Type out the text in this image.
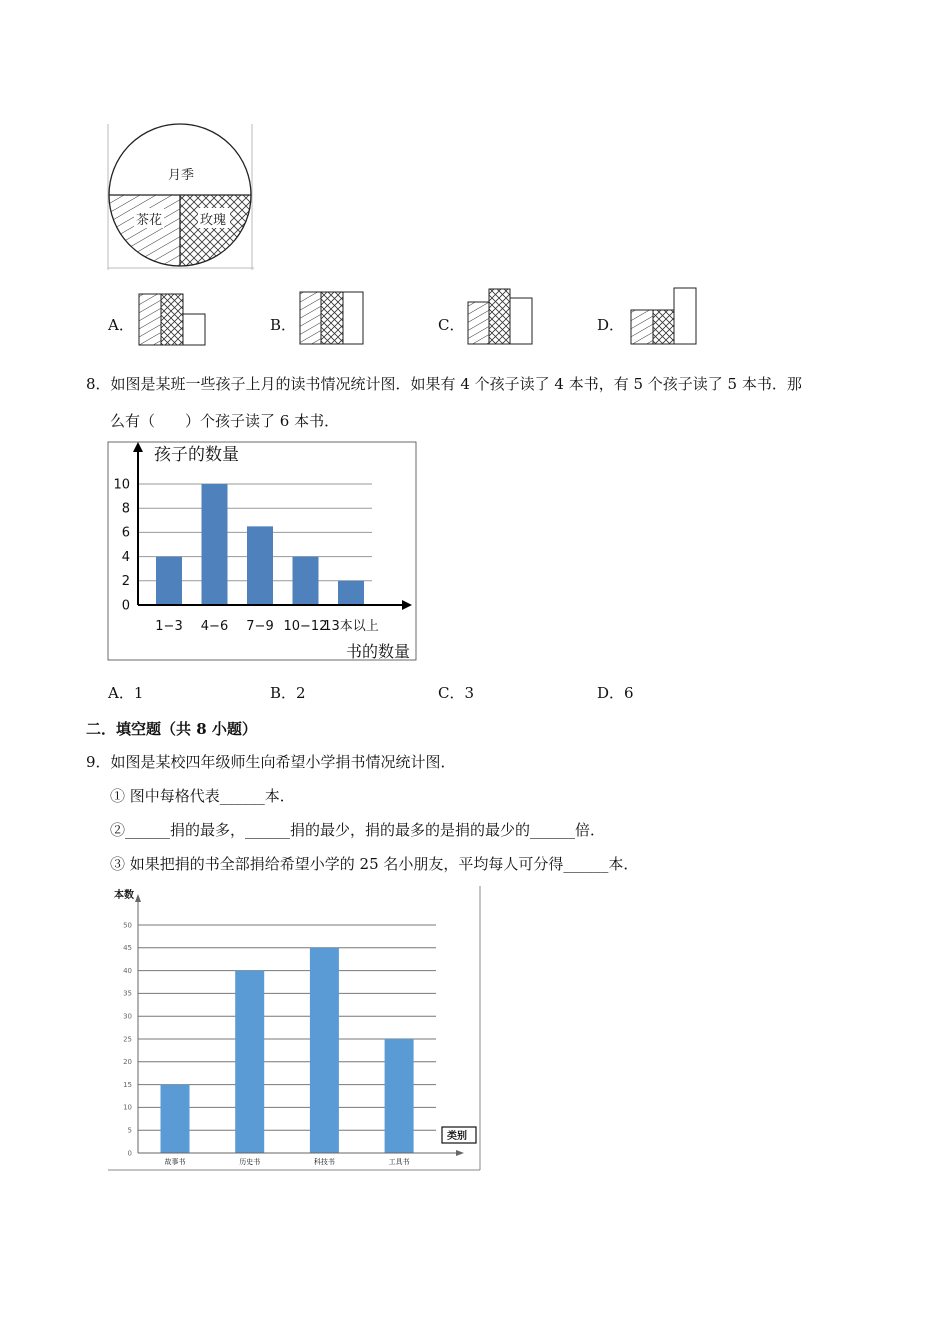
月季
茶花	玫瑰
A．	B．	C．	D．
8．如图是某班一些孩子上月的读书情况统计图．如果有 4 个孩子读了 4 本书，有 5 个孩子读了 5 本书．那
么有（　　）个孩子读了 6 本书．
0
2
4
6
8
10
1−3 4−6 7−9 10−12
13本以上
孩子的数量
书的数量
A．1	B．2	C．3	D．6
二．填空题（共 8 小题）
9．如图是某校四年级师生向希望小学捐书情况统计图．
① 图中每格代表______本．
②______捐的最多，______捐的最少，捐的最多的是捐的最少的______倍．
③ 如果把捐的书全部捐给希望小学的 25 名小朋友，平均每人可分得______本．
0
5
10
15
20
25
30
35
40
45
50
故事书	历史书	科技书	工具书
本数
类别
